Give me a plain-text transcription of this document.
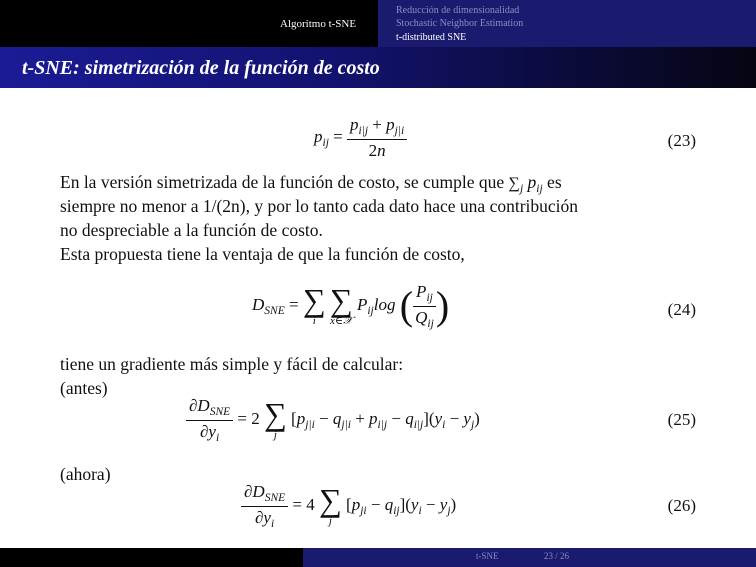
Algoritmo t-SNE
Reducción de dimensionalidad
Stochastic Neighbor Estimation
t-distributed SNE
t-SNE: simetrización de la función de costo
$p_{ij} = \frac{p_{i|j} + p_{j|i}}{2n}$	(23)
En la versión simetrizada de la función de costo, se cumple que $\sum_j$ $p_{ij}$ es
siempre no menor a 1/(2n), y por lo tanto cada dato hace una contribución
no despreciable a la función de costo.
Esta propuesta tiene la ventaja de que la función de costo,
$D_{SNE}$ = ∑
i
∑
x∈𝒳
$P_{ij}\log$ ( $\frac{P_{ij}}{Q_{ij}}$ )	(24)
tiene un gradiente más simple y fácil de calcular:
(antes)
$\frac{\partial D_{SNE}}{\partial y_i} = 2$ ∑
j
$[p_{j|i} - q_{j|i} + p_{i|j} - q_{i|j}](y_i - y_j)$	(25)
(ahora)
$\frac{\partial D_{SNE}}{\partial y_i} = 4$ ∑
j
$[p_{ji} - q_{ij}](y_i - y_j)$	(26)
t-SNE	23 / 26
